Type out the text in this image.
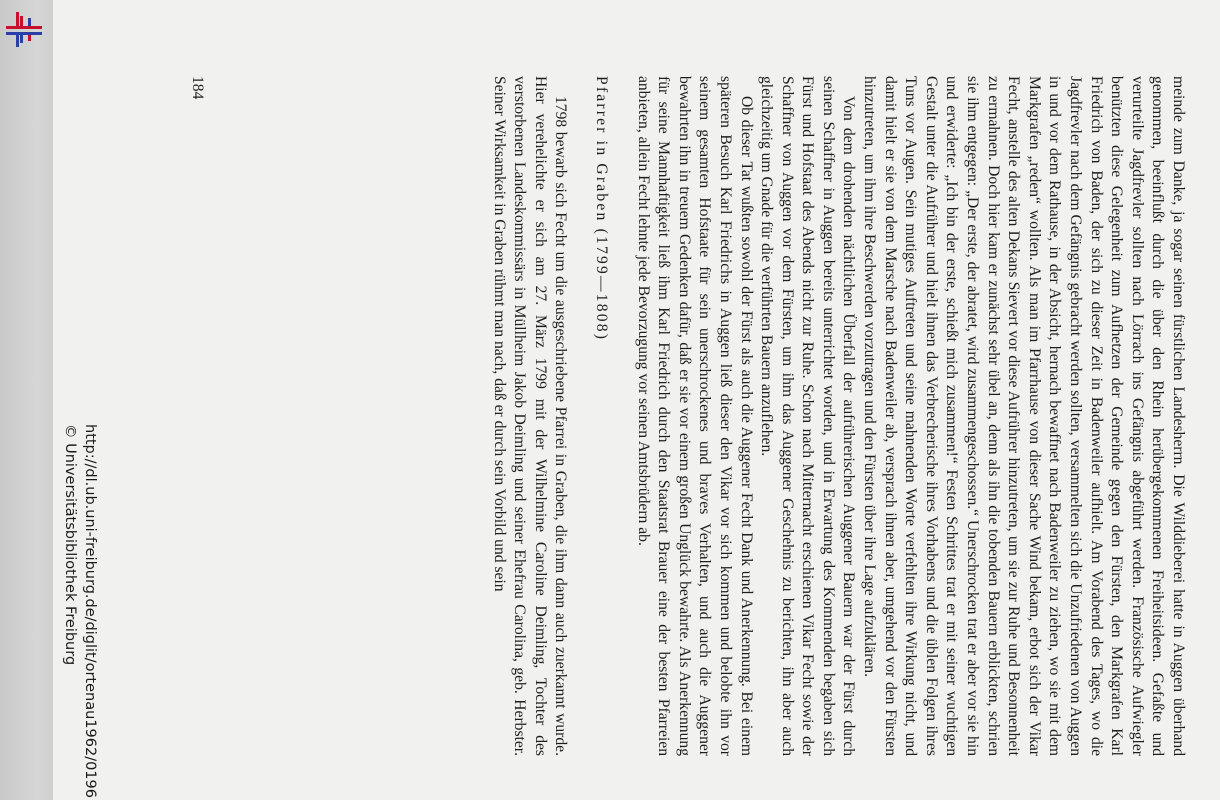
meinde zum Danke, ja sogar seinen fürstlichen Landesherrn. Die Wilddieberei hatte in Auggen überhand genommen, beeinflußt durch die über den Rhein herübergekommenen Freiheitsideen. Gefaßte und verurteilte Jagdfrevler sollten nach Lörrach ins Gefängnis abgeführt werden. Französische Aufwiegler benützten diese Gelegenheit zum Aufhetzen der Gemeinde gegen den Fürsten, den Markgrafen Karl Friedrich von Baden, der sich zu dieser Zeit in Badenweiler aufhielt. Am Vorabend des Tages, wo die Jagdfrevler nach dem Gefängnis gebracht werden sollten, versammelten sich die Unzufriedenen von Auggen in und vor dem Rathause, in der Absicht, hernach bewaffnet nach Badenweiler zu ziehen, wo sie mit dem Markgrafen „reden“ wollten. Als man im Pfarrhause von dieser Sache Wind bekam, erbot sich der Vikar Fecht, anstelle des alten Dekans Sievert vor diese Aufrührer hinzutreten, um sie zur Ruhe und Besonnenheit zu ermahnen. Doch hier kam er zunächst sehr übel an, denn als ihn die tobenden Bauern erblickten, schrien sie ihm entgegen: „Der erste, der abratet, wird zusammengeschossen.“ Unerschrocken trat er aber vor sie hin und erwiderte: „Ich bin der erste, schießt mich zusammen!“ Festen Schrittes trat er mit seiner wuchtigen Gestalt unter die Aufrührer und hielt ihnen das Verbrecherische ihres Vorhabens und die üblen Folgen ihres Tuns vor Augen. Sein mutiges Auftreten und seine mahnenden Worte verfehlten ihre Wirkung nicht, und damit hielt er sie von dem Marsche nach Badenweiler ab, versprach ihnen aber, umgehend vor den Fürsten hinzutreten, um ihm ihre Beschwerden vorzutragen und den Fürsten über ihre Lage aufzuklären.

Von dem drohenden nächtlichen Überfall der aufrührerischen Auggener Bauern war der Fürst durch seinen Schaffner in Auggen bereits unterrichtet worden, und in Erwartung des Kommenden begaben sich Fürst und Hofstaat des Abends nicht zur Ruhe. Schon nach Mitternacht erschienen Vikar Fecht sowie der Schaffner von Auggen vor dem Fürsten, um ihm das Auggener Geschehnis zu berichten, ihn aber auch gleichzeitig um Gnade für die verführten Bauern anzuflehen.

Ob dieser Tat wußten sowohl der Fürst als auch die Auggener Fecht Dank und Anerkennung. Bei einem späteren Besuch Karl Friedrichs in Auggen ließ dieser den Vikar vor sich kommen und belobte ihn vor seinem gesamten Hofstaate für sein unerschrockenes und braves Verhalten, und auch die Auggener bewahrten ihn in treuem Gedenken dafür, daß er sie vor einem großen Unglück bewahrte. Als Anerkennung für seine Mannhaftigkeit ließ ihm Karl Friedrich durch den Staatsrat Brauer eine der besten Pfarreien anbieten, allein Fecht lehnte jede Bevorzugung vor seinen Amtsbrüdern ab.

Pfarrer in Graben (1799—1808)

1798 bewarb sich Fecht um die ausgeschriebene Pfarrei in Graben, die ihm dann auch zuerkannt wurde. Hier verehelichte er sich am 27. März 1799 mit der Wilhelmine Caroline Deimling, Tochter des verstorbenen Landeskommissärs in Müllheim Jakob Deimling und seiner Ehefrau Carolina, geb. Herbster. Seiner Wirksamkeit in Graben rühmt man nach, daß er durch sein Vorbild und sein

184
http://dl.ub.uni-freiburg.de/diglit/ortenau1962/0196
© Universitätsbibliothek Freiburg
